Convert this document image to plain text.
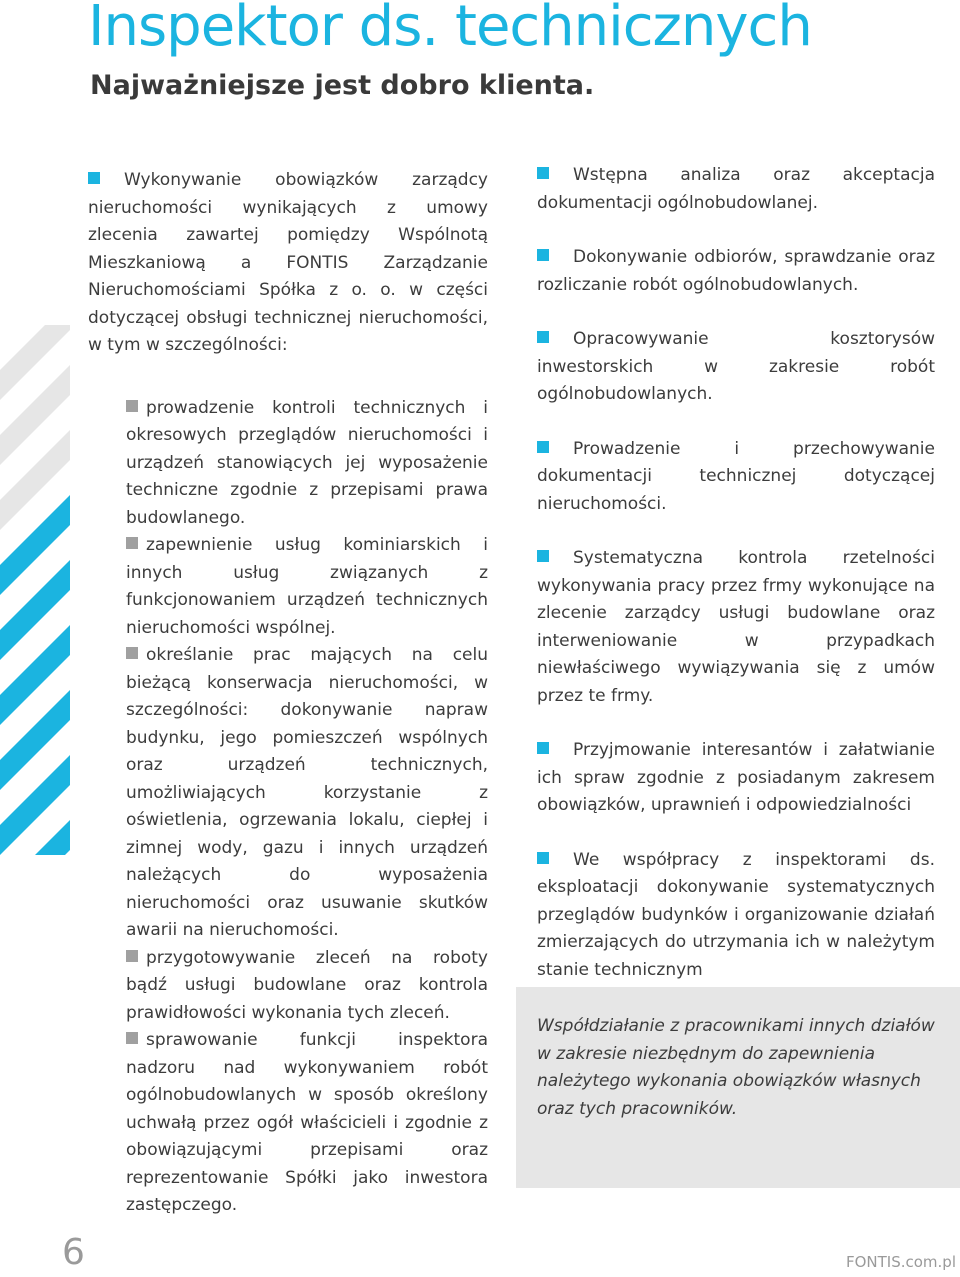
Inspektor ds. technicznych
Najważniejsze jest dobro klienta.

Wykonywanie obowiązków zarządcy nieruchomości wynikających z umowy zlecenia zawartej pomiędzy Wspólnotą Mieszkaniową a FONTIS Zarządzanie Nieruchomościami Spółka z o. o. w części dotyczącej obsługi technicznej nieruchomości, w tym w szczególności:

prowadzenie kontroli technicznych i okresowych przeglądów nieruchomości i urządzeń stanowiących jej wyposażenie techniczne zgodnie z przepisami prawa budowlanego.

zapewnienie usług kominiarskich i innych usług związanych z funkcjonowaniem urządzeń technicznych nieruchomości wspólnej.

określanie prac mających na celu bieżącą konserwacja nieruchomości, w szczególności: dokonywanie napraw budynku, jego pomieszczeń wspólnych oraz urządzeń technicznych, umożliwiających korzystanie z oświetlenia, ogrzewania lokalu, ciepłej i zimnej wody, gazu i innych urządzeń należących do wyposażenia nieruchomości oraz usuwanie skutków awarii na nieruchomości.

przygotowywanie zleceń na roboty bądź usługi budowlane oraz kontrola prawidłowości wykonania tych zleceń.

sprawowanie funkcji inspektora nadzoru nad wykonywaniem robót ogólnobudowlanych w sposób określony uchwałą przez ogół właścicieli i zgodnie z obowiązującymi przepisami oraz reprezentowanie Spółki jako inwestora zastępczego.

Wstępna analiza oraz akceptacja dokumentacji ogólnobudowlanej.

Dokonywanie odbiorów, sprawdzanie oraz rozliczanie robót ogólnobudowlanych.

Opracowywanie kosztorysów inwestorskich w zakresie robót ogólnobudowlanych.

Prowadzenie i przechowywanie dokumentacji technicznej dotyczącej nieruchomości.

Systematyczna kontrola rzetelności wykonywania pracy przez frmy wykonujące na zlecenie zarządcy usługi budowlane oraz interweniowanie w przypadkach niewłaściwego wywiązywania się z umów przez te frmy.

Przyjmowanie interesantów i załatwianie ich spraw zgodnie z posiadanym zakresem obowiązków, uprawnień i odpowiedzialności

We współpracy z inspektorami ds. eksploatacji dokonywanie systematycznych przeglądów budynków i organizowanie działań zmierzających do utrzymania ich w należytym stanie technicznym

Współdziałanie z pracownikami innych działów w zakresie niezbędnym do zapewnienia należytego wykonania obowiązków własnych oraz tych pracowników.

6	FONTIS.com.pl
